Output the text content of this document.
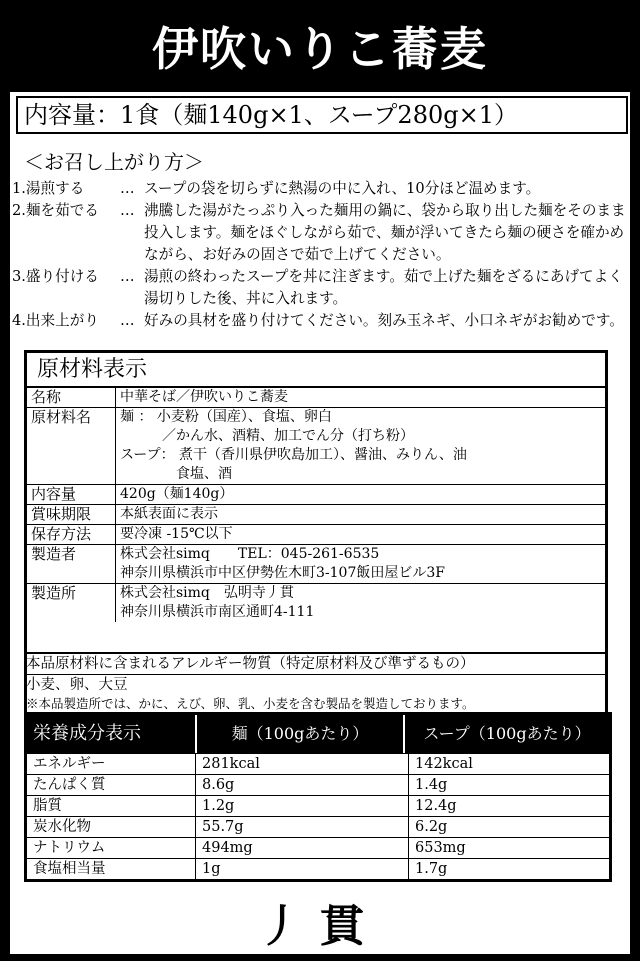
伊吹いりこ蕎麦
内容量：1食（麺140g×1、スープ280g×1）
＜お召し上がり方＞
1.湯煎する	… スープの袋を切らずに熱湯の中に入れ、10分ほど温めます。
2.麺を茹でる	… 沸騰した湯がたっぷり入った麺用の鍋に、袋から取り出した麺をそのまま投入します。麺をほぐしながら茹で、麺が浮いてきたら麺の硬さを確かめながら、お好みの固さで茹で上げてください。
3.盛り付ける	… 湯煎の終わったスープを丼に注ぎます。茹で上げた麺をざるにあげてよく湯切りした後、丼に入れます。
4.出来上がり	… 好みの具材を盛り付けてください。刻み玉ネギ、小口ネギがお勧めです。
原材料表示
名称	中華そば／伊吹いりこ蕎麦
原材料名	麺 ： 小麦粉（国産）、食塩、卵白
　　　／かん水、酒精、加工でん分（打ち粉）
スープ： 煮干（香川県伊吹島加工）、醤油、みりん、油
　　　　食塩、酒
内容量	420g（麺140g）
賞味期限	本紙表面に表示
保存方法	要冷凍 -15℃以下
製造者	株式会社simq　　TEL：045-261-6535
神奈川県横浜市中区伊勢佐木町3-107飯田屋ビル3F
製造所	株式会社simq　弘明寺丿貫
神奈川県横浜市南区通町4-111
本品原材料に含まれるアレルギー物質（特定原材料及び準ずるもの）
小麦、卵、大豆
※本品製造所では、かに、えび、卵、乳、小麦を含む製品を製造しております。
栄養成分表示	麺（100gあたり）	スープ（100gあたり）
エネルギー	281kcal	142kcal
たんぱく質	8.6g	1.4g
脂質	1.2g	12.4g
炭水化物	55.7g	6.2g
ナトリウム	494mg	653mg
食塩相当量	1g	1.7g
丿貫
